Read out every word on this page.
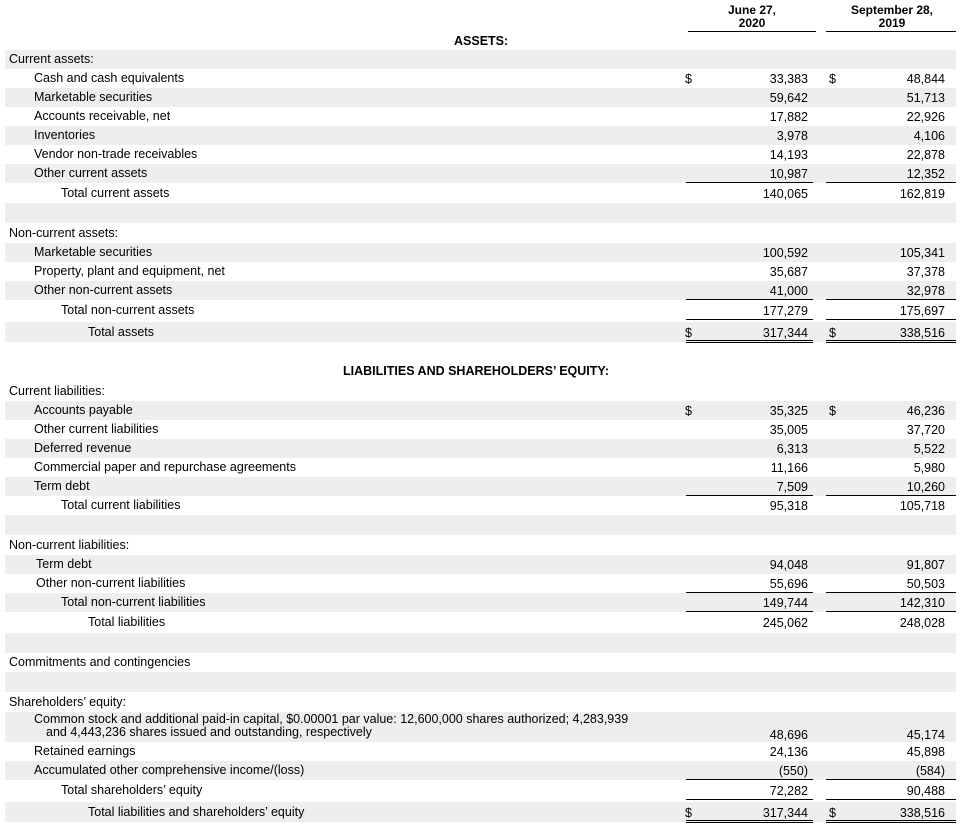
June 27,
2020
September 28,
2019
ASSETS:
LIABILITIES AND SHAREHOLDERS’ EQUITY:
Current assets:
Cash and cash equivalents	$	33,383 $	48,844
Marketable securities	59,642	51,713
Accounts receivable, net	17,882	22,926
Inventories	3,978	4,106
Vendor non-trade receivables	14,193	22,878
Other current assets	10,987	12,352
Total current assets	140,065	162,819
Non-current assets:
Marketable securities	100,592	105,341
Property, plant and equipment, net	35,687	37,378
Other non-current assets	41,000	32,978
Total non-current assets	177,279	175,697
Total assets	$	317,344 $	338,516
Current liabilities:
Accounts payable	$	35,325 $	46,236
Other current liabilities	35,005	37,720
Deferred revenue	6,313	5,522
Commercial paper and repurchase agreements	11,166	5,980
Term debt	7,509	10,260
Total current liabilities	95,318	105,718
Non-current liabilities:
Term debt	94,048	91,807
Other non-current liabilities	55,696	50,503
Total non-current liabilities	149,744	142,310
Total liabilities	245,062	248,028
Commitments and contingencies
Shareholders’ equity:
Common stock and additional paid-in capital, $0.00001 par value: 12,600,000 shares authorized; 4,283,939
and 4,443,236 shares issued and outstanding, respectively	48,696	45,174
Retained earnings	24,136	45,898
Accumulated other comprehensive income/(loss)	(550)	(584)
Total shareholders’ equity	72,282	90,488
Total liabilities and shareholders’ equity	$	317,344 $	338,516
